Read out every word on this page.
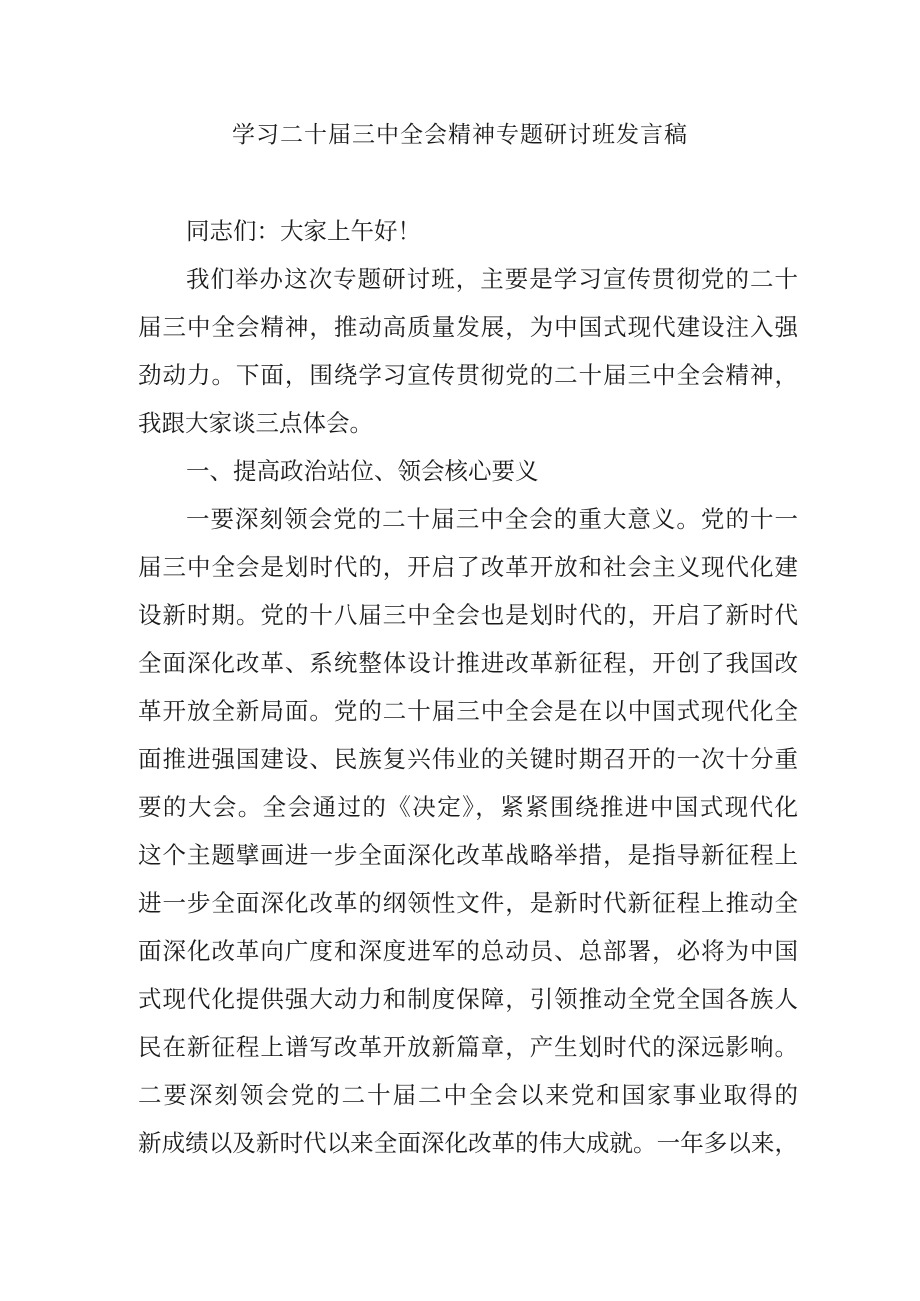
学习二十届三中全会精神专题研讨班发言稿
同志们：大家上午好！
我们举办这次专题研讨班，主要是学习宣传贯彻党的二十
届三中全会精神，推动高质量发展，为中国式现代建设注入强
劲动力。下面，围绕学习宣传贯彻党的二十届三中全会精神，
我跟大家谈三点体会。
一、提高政治站位、领会核心要义
一要深刻领会党的二十届三中全会的重大意义。党的十一
届三中全会是划时代的，开启了改革开放和社会主义现代化建
设新时期。党的十八届三中全会也是划时代的，开启了新时代
全面深化改革、系统整体设计推进改革新征程，开创了我国改
革开放全新局面。党的二十届三中全会是在以中国式现代化全
面推进强国建设、民族复兴伟业的关键时期召开的一次十分重
要的大会。全会通过的《决定》，紧紧围绕推进中国式现代化
这个主题擘画进一步全面深化改革战略举措，是指导新征程上
进一步全面深化改革的纲领性文件，是新时代新征程上推动全
面深化改革向广度和深度进军的总动员、总部署，必将为中国
式现代化提供强大动力和制度保障，引领推动全党全国各族人
民在新征程上谱写改革开放新篇章，产生划时代的深远影响。
二要深刻领会党的二十届二中全会以来党和国家事业取得的
新成绩以及新时代以来全面深化改革的伟大成就。一年多以来，
